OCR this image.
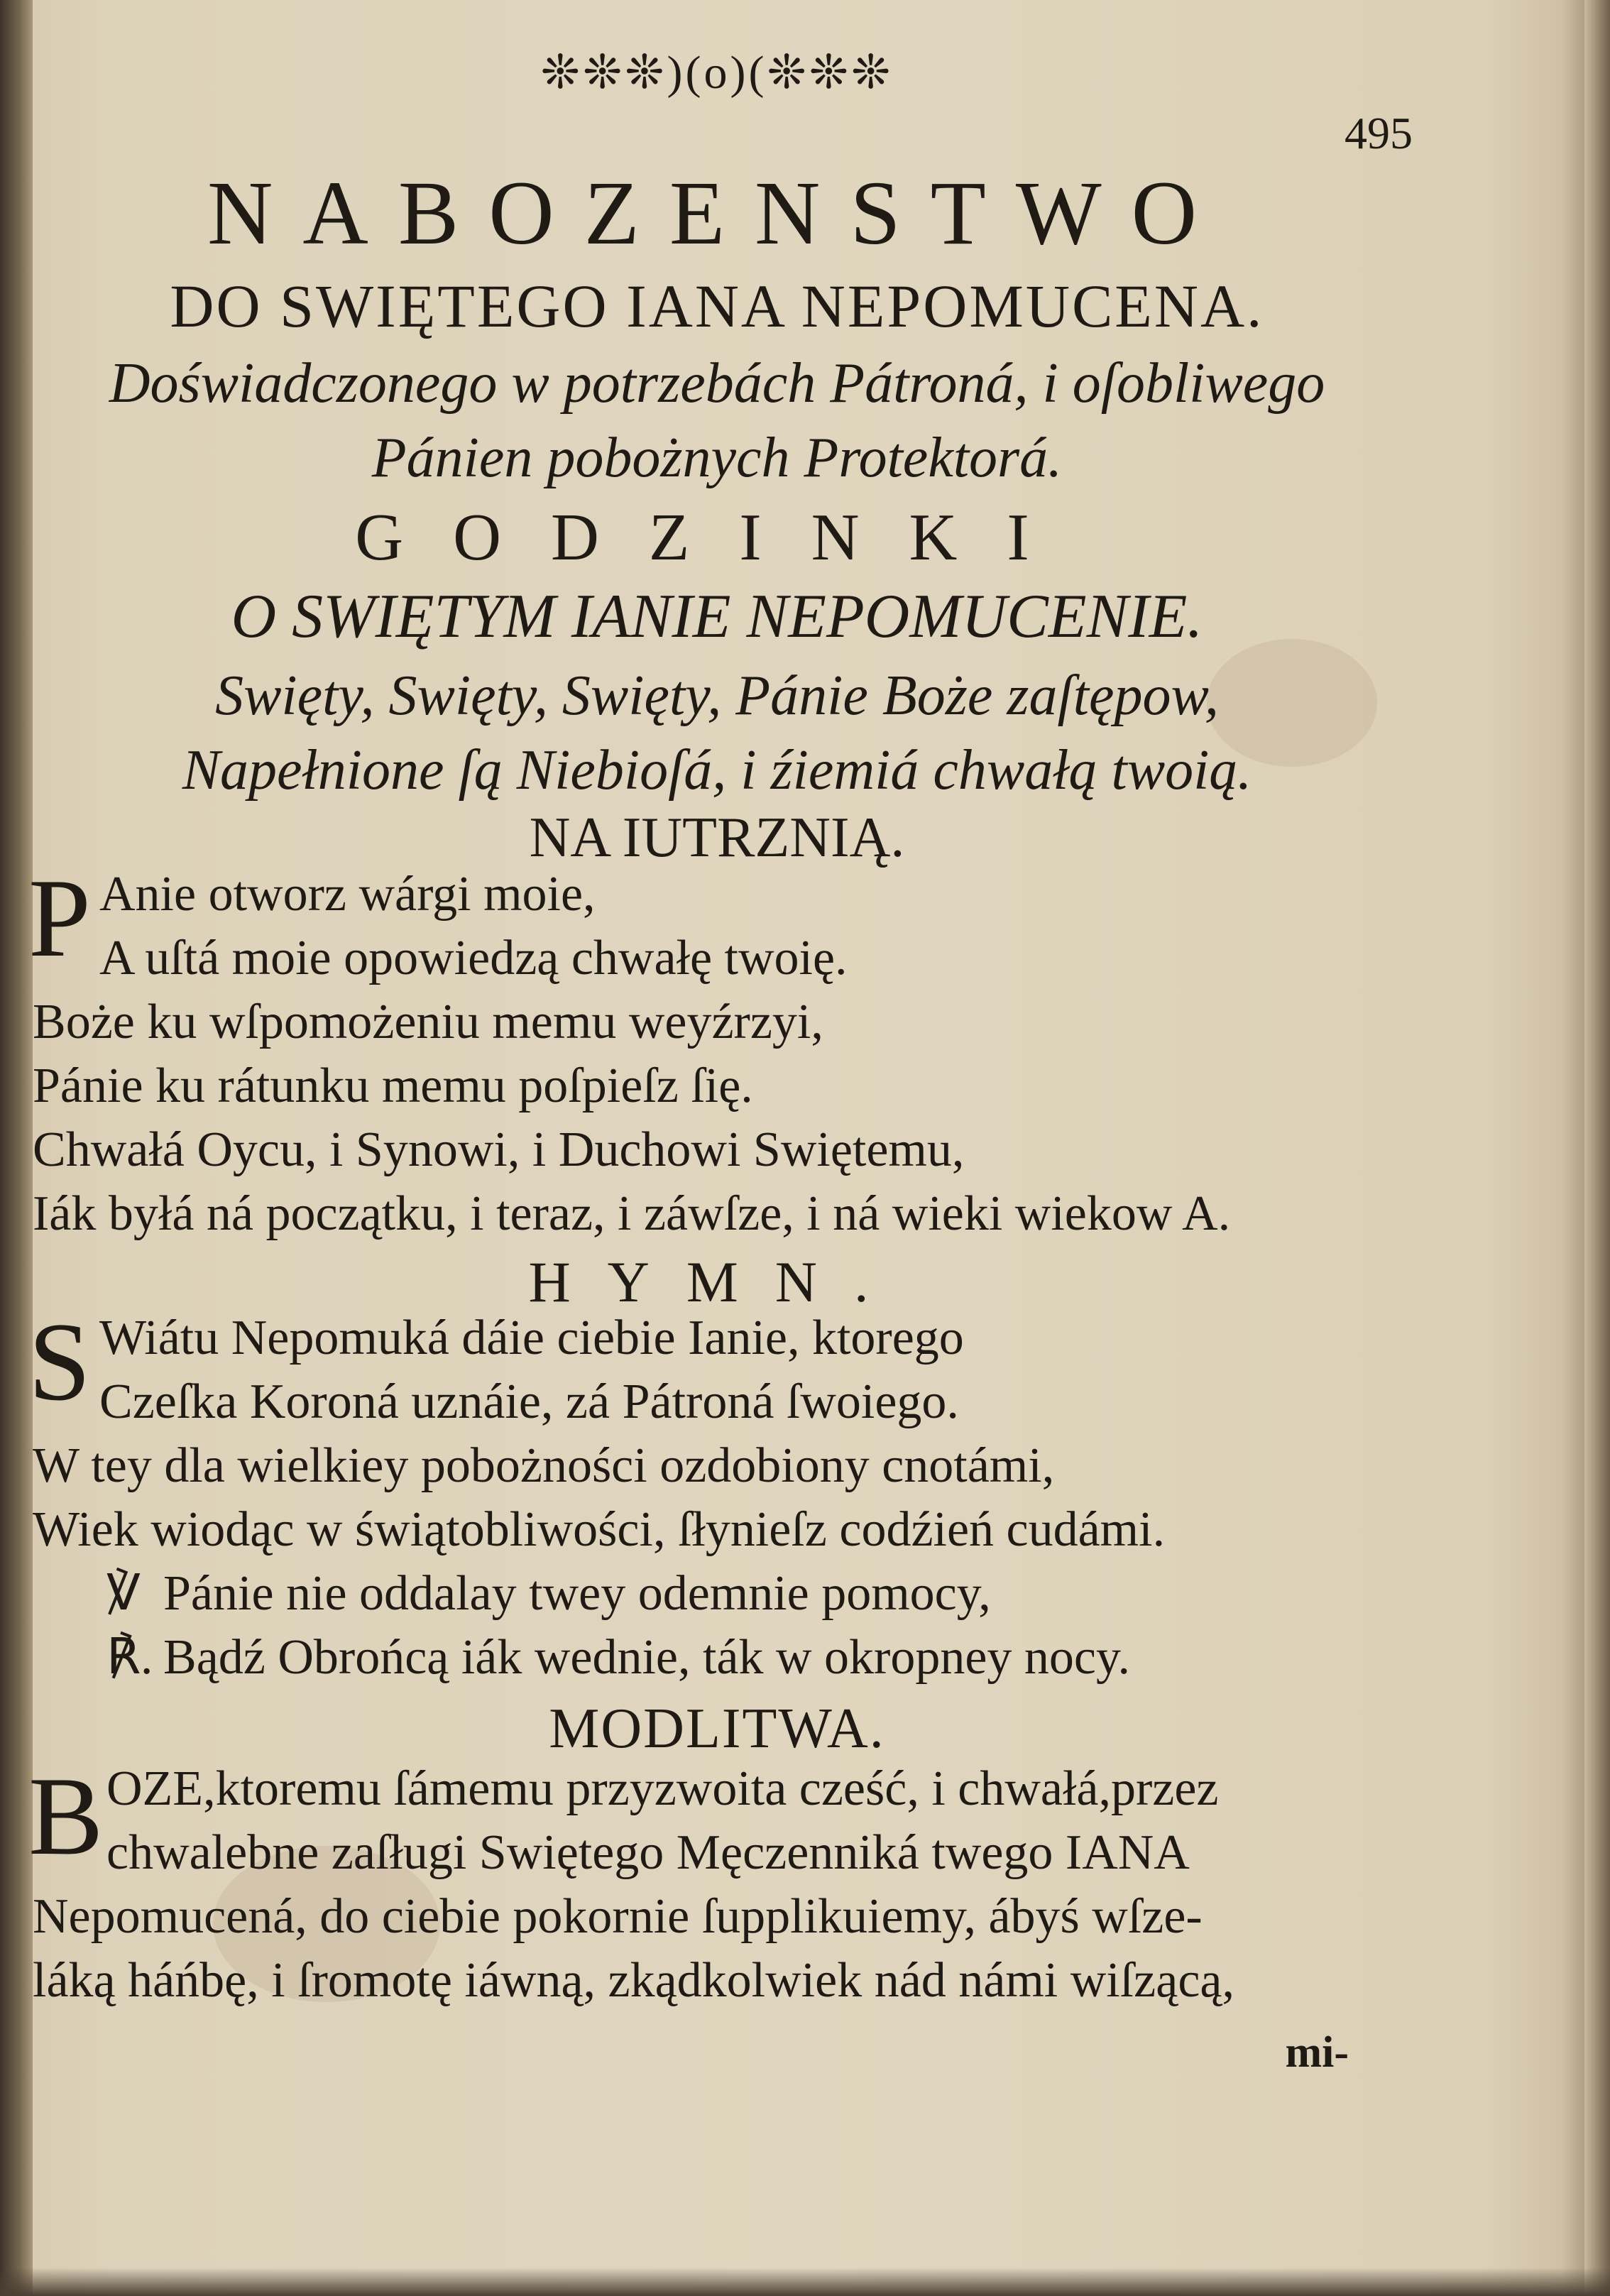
❊❊❊)(o)(❊❊❊
495
NABOZENSTWO
DO SWIĘTEGO IANA NEPOMUCENA.
Doświadczonego w potrzebách Pátroná, i oſobliwego
Pánien pobożnych Protektorá.
GODZINKI
O SWIĘTYM IANIE NEPOMUCENIE.
Swięty, Swięty, Swięty, Pánie Boże zaſtępow,
Napełnione ſą Niebioſá, i źiemiá chwałą twoią.
NA IUTRZNIĄ.
P Anie otworz wárgi moie,
A uſtá moie opowiedzą chwałę twoię.
Boże ku wſpomożeniu memu weyźrzyi,
Pánie ku rátunku memu poſpieſz ſię.
Chwałá Oycu, i Synowi, i Duchowi Swiętemu,
Iák byłá ná początku, i teraz, i záwſze, i ná wieki wiekow A.
HYMN.
S Wiátu Nepomuká dáie ciebie Ianie, ktorego
Czeſka Koroná uznáie, zá Pátroná ſwoiego.
W tey dla wielkiey pobożności ozdobiony cnotámi,
Wiek wiodąc w świątobliwości, ſłynieſz codźień cudámi.
℣ Pánie nie oddalay twey odemnie pomocy,
℟. Bądź Obrońcą iák wednie, ták w okropney nocy.
MODLITWA.
B OZE,ktoremu ſámemu przyzwoita cześć, i chwałá,przez
chwalebne zaſługi Swiętego Męczenniká twego IANA
Nepomucená, do ciebie pokornie ſupplikuiemy, ábyś wſze-
láką háńbę, i ſromotę iáwną, zkądkolwiek nád námi wiſzącą,
mi-
